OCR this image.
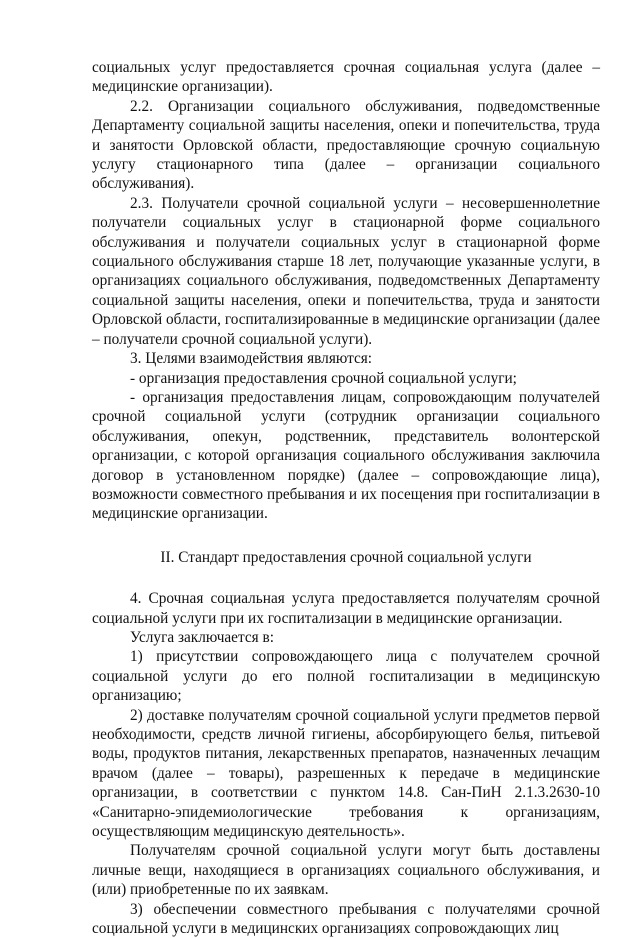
социальных услуг предоставляется срочная социальная услуга (далее – медицинские организации).

2.2. Организации социального обслуживания, подведомственные Департаменту социальной защиты населения, опеки и попечительства, труда и занятости Орловской области, предоставляющие срочную социальную услугу стационарного типа (далее – организации социального обслуживания).

2.3. Получатели срочной социальной услуги – несовершеннолетние получатели социальных услуг в стационарной форме социального обслуживания и получатели социальных услуг в стационарной форме социального обслуживания старше 18 лет, получающие указанные услуги, в организациях социального обслуживания, подведомственных Департаменту социальной защиты населения, опеки и попечительства, труда и занятости Орловской области, госпитализированные в медицинские организации (далее – получатели срочной социальной услуги).

3. Целями взаимодействия являются:

- организация предоставления срочной социальной услуги;

- организация предоставления лицам, сопровождающим получателей срочной социальной услуги (сотрудник организации социального обслуживания, опекун, родственник, представитель волонтерской организации, с которой организация социального обслуживания заключила договор в установленном порядке) (далее – сопровождающие лица), возможности совместного пребывания и их посещения при госпитализации в медицинские организации.

II. Стандарт предоставления срочной социальной услуги

4. Срочная социальная услуга предоставляется получателям срочной социальной услуги при их госпитализации в медицинские организации.

Услуга заключается в:

1) присутствии сопровождающего лица с получателем срочной социальной услуги до его полной госпитализации в медицинскую организацию;

2) доставке получателям срочной социальной услуги предметов первой необходимости, средств личной гигиены, абсорбирующего белья, питьевой воды, продуктов питания, лекарственных препаратов, назначенных лечащим врачом (далее – товары), разрешенных к передаче в медицинские организации, в соответствии с пунктом 14.8. Сан-ПиН 2.1.3.2630-10 «Санитарно-эпидемиологические требования к организациям, осуществляющим медицинскую деятельность».

Получателям срочной социальной услуги могут быть доставлены личные вещи, находящиеся в организациях социального обслуживания, и (или) приобретенные по их заявкам.

3) обеспечении совместного пребывания с получателями срочной социальной услуги в медицинских организациях сопровождающих лиц
